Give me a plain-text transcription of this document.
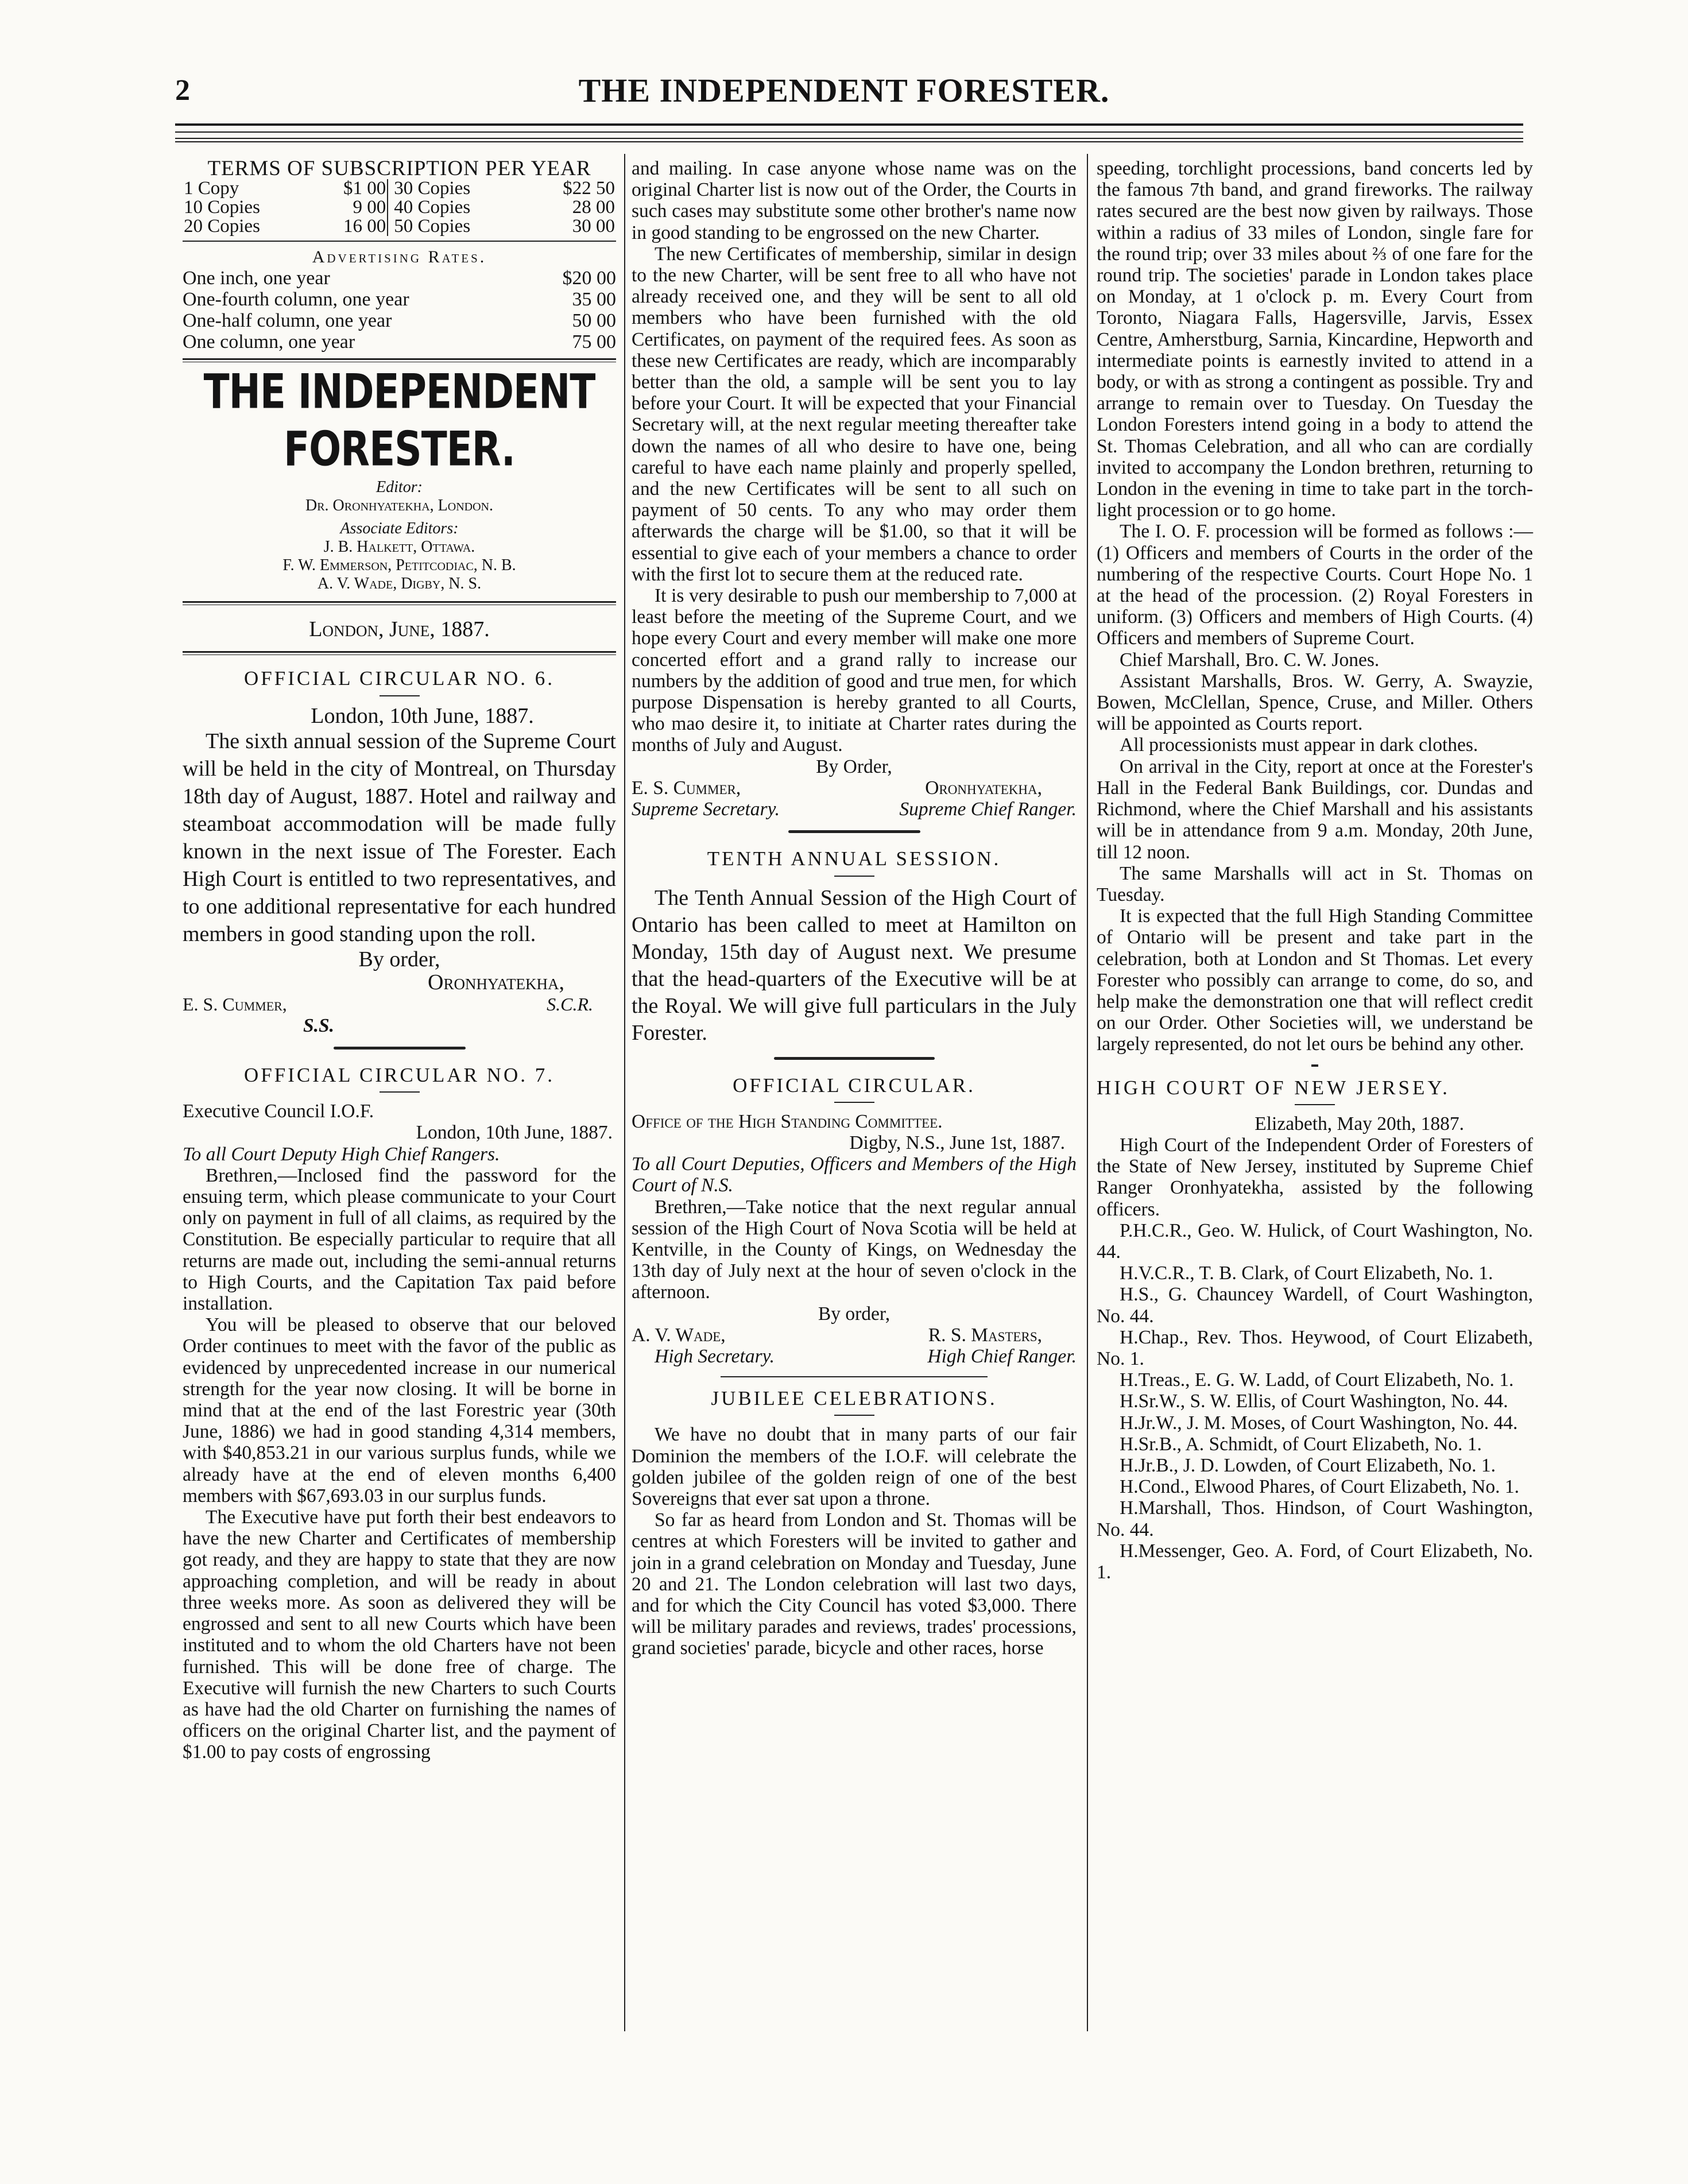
2	THE INDEPENDENT FORESTER.
TERMS OF SUBSCRIPTION PER YEAR
1 Copy	$1 00	30 Copies	$22 50
10 Copies	9 00	40 Copies	28 00
20 Copies	16 00	50 Copies	30 00
Advertising Rates.
One inch, one year	$20 00
One-fourth column, one year	35 00
One-half column, one year	50 00
One column, one year	75 00
THE INDEPENDENT FORESTER.
Editor:
Dr. Oronhyatekha, London.
Associate Editors:
J. B. Halkett, Ottawa.
F. W. Emmerson, Petitcodiac, N. B.
A. V. Wade, Digby, N. S.
London, June, 1887.
OFFICIAL CIRCULAR NO. 6.
London, 10th June, 1887.

The sixth annual session of the Supreme Court will be held in the city of Montreal, on Thursday 18th day of August, 1887. Hotel and railway and steamboat accommodation will be made fully known in the next issue of The Forester. Each High Court is entitled to two representatives, and to one additional representative for each hundred members in good standing upon the roll.

By order,
Oronhyatekha,
E. S. Cummer,	S.C.R.
S.S.
OFFICIAL CIRCULAR NO. 7.

Executive Council I.O.F.

London, 10th June, 1887.

To all Court Deputy High Chief Rangers.

Brethren,—Inclosed find the password for the ensuing term, which please communicate to your Court only on payment in full of all claims, as required by the Constitution. Be especially particular to require that all returns are made out, including the semi-annual returns to High Courts, and the Capitation Tax paid before installation.

You will be pleased to observe that our beloved Order continues to meet with the favor of the public as evidenced by unprecedented increase in our numerical strength for the year now closing. It will be borne in mind that at the end of the last Forestric year (30th June, 1886) we had in good standing 4,314 members, with $40,853.21 in our various surplus funds, while we already have at the end of eleven months 6,400 members with $67,693.03 in our surplus funds.

The Executive have put forth their best endeavors to have the new Charter and Certificates of membership got ready, and they are happy to state that they are now approaching completion, and will be ready in about three weeks more. As soon as delivered they will be engrossed and sent to all new Courts which have been instituted and to whom the old Charters have not been furnished. This will be done free of charge. The Executive will furnish the new Charters to such Courts as have had the old Charter on furnishing the names of officers on the original Charter list, and the payment of $1.00 to pay costs of engrossing

and mailing. In case anyone whose name was on the original Charter list is now out of the Order, the Courts in such cases may substitute some other brother's name now in good standing to be engrossed on the new Charter.

The new Certificates of membership, similar in design to the new Charter, will be sent free to all who have not already received one, and they will be sent to all old members who have been furnished with the old Certificates, on payment of the required fees. As soon as these new Certificates are ready, which are incomparably better than the old, a sample will be sent you to lay before your Court. It will be expected that your Financial Secretary will, at the next regular meeting thereafter take down the names of all who desire to have one, being careful to have each name plainly and properly spelled, and the new Certificates will be sent to all such on payment of 50 cents. To any who may order them afterwards the charge will be $1.00, so that it will be essential to give each of your members a chance to order with the first lot to secure them at the reduced rate.

It is very desirable to push our membership to 7,000 at least before the meeting of the Supreme Court, and we hope every Court and every member will make one more concerted effort and a grand rally to increase our numbers by the addition of good and true men, for which purpose Dispensation is hereby granted to all Courts, who mao desire it, to initiate at Charter rates during the months of July and August.

By Order,

E. S. Cummer,	Oronhyatekha,
Supreme Secretary.	Supreme Chief Ranger.
TENTH ANNUAL SESSION.

The Tenth Annual Session of the High Court of Ontario has been called to meet at Hamilton on Monday, 15th day of August next. We presume that the head-quarters of the Executive will be at the Royal. We will give full particulars in the July Forester.

OFFICIAL CIRCULAR.

Office of the High Standing Committee.

Digby, N.S., June 1st, 1887.

To all Court Deputies, Officers and Members of the High Court of N.S.

Brethren,—Take notice that the next regular annual session of the High Court of Nova Scotia will be held at Kentville, in the County of Kings, on Wednesday the 13th day of July next at the hour of seven o'clock in the afternoon.

By order,

A. V. Wade,	R. S. Masters,
High Secretary.	High Chief Ranger.
JUBILEE CELEBRATIONS.

We have no doubt that in many parts of our fair Dominion the members of the I.O.F. will celebrate the golden jubilee of the golden reign of one of the best Sovereigns that ever sat upon a throne.

So far as heard from London and St. Thomas will be centres at which Foresters will be invited to gather and join in a grand celebration on Monday and Tuesday, June 20 and 21. The London celebration will last two days, and for which the City Council has voted $3,000. There will be military parades and reviews, trades' processions, grand societies' parade, bicycle and other races, horse

speeding, torchlight processions, band concerts led by the famous 7th band, and grand fireworks. The railway rates secured are the best now given by railways. Those within a radius of 33 miles of London, single fare for the round trip; over 33 miles about ⅔ of one fare for the round trip. The societies' parade in London takes place on Monday, at 1 o'clock p. m. Every Court from Toronto, Niagara Falls, Hagersville, Jarvis, Essex Centre, Amherstburg, Sarnia, Kincardine, Hepworth and intermediate points is earnestly invited to attend in a body, or with as strong a contingent as possible. Try and arrange to remain over to Tuesday. On Tuesday the London Foresters intend going in a body to attend the St. Thomas Celebration, and all who can are cordially invited to accompany the London brethren, returning to London in the evening in time to take part in the torch-light procession or to go home.

The I. O. F. procession will be formed as follows :—(1) Officers and members of Courts in the order of the numbering of the respective Courts. Court Hope No. 1 at the head of the procession. (2) Royal Foresters in uniform. (3) Officers and members of High Courts. (4) Officers and members of Supreme Court.

Chief Marshall, Bro. C. W. Jones.

Assistant Marshalls, Bros. W. Gerry, A. Swayzie, Bowen, McClellan, Spence, Cruse, and Miller. Others will be appointed as Courts report.

All processionists must appear in dark clothes.

On arrival in the City, report at once at the Forester's Hall in the Federal Bank Buildings, cor. Dundas and Richmond, where the Chief Marshall and his assistants will be in attendance from 9 a.m. Monday, 20th June, till 12 noon.

The same Marshalls will act in St. Thomas on Tuesday.

It is expected that the full High Standing Committee of Ontario will be present and take part in the celebration, both at London and St Thomas. Let every Forester who possibly can arrange to come, do so, and help make the demonstration one that will reflect credit on our Order. Other Societies will, we understand be largely represented, do not let ours be behind any other.

HIGH COURT OF NEW JERSEY.

Elizabeth, May 20th, 1887.

High Court of the Independent Order of Foresters of the State of New Jersey, instituted by Supreme Chief Ranger Oronhyatekha, assisted by the following officers.

P.H.C.R., Geo. W. Hulick, of Court Washington, No. 44.

H.V.C.R., T. B. Clark, of Court Elizabeth, No. 1.

H.S., G. Chauncey Wardell, of Court Washington, No. 44.

H.Chap., Rev. Thos. Heywood, of Court Elizabeth, No. 1.

H.Treas., E. G. W. Ladd, of Court Elizabeth, No. 1.

H.Sr.W., S. W. Ellis, of Court Washington, No. 44.

H.Jr.W., J. M. Moses, of Court Washington, No. 44.

H.Sr.B., A. Schmidt, of Court Elizabeth, No. 1.

H.Jr.B., J. D. Lowden, of Court Elizabeth, No. 1.

H.Cond., Elwood Phares, of Court Elizabeth, No. 1.

H.Marshall, Thos. Hindson, of Court Washington, No. 44.

H.Messenger, Geo. A. Ford, of Court Elizabeth, No. 1.
